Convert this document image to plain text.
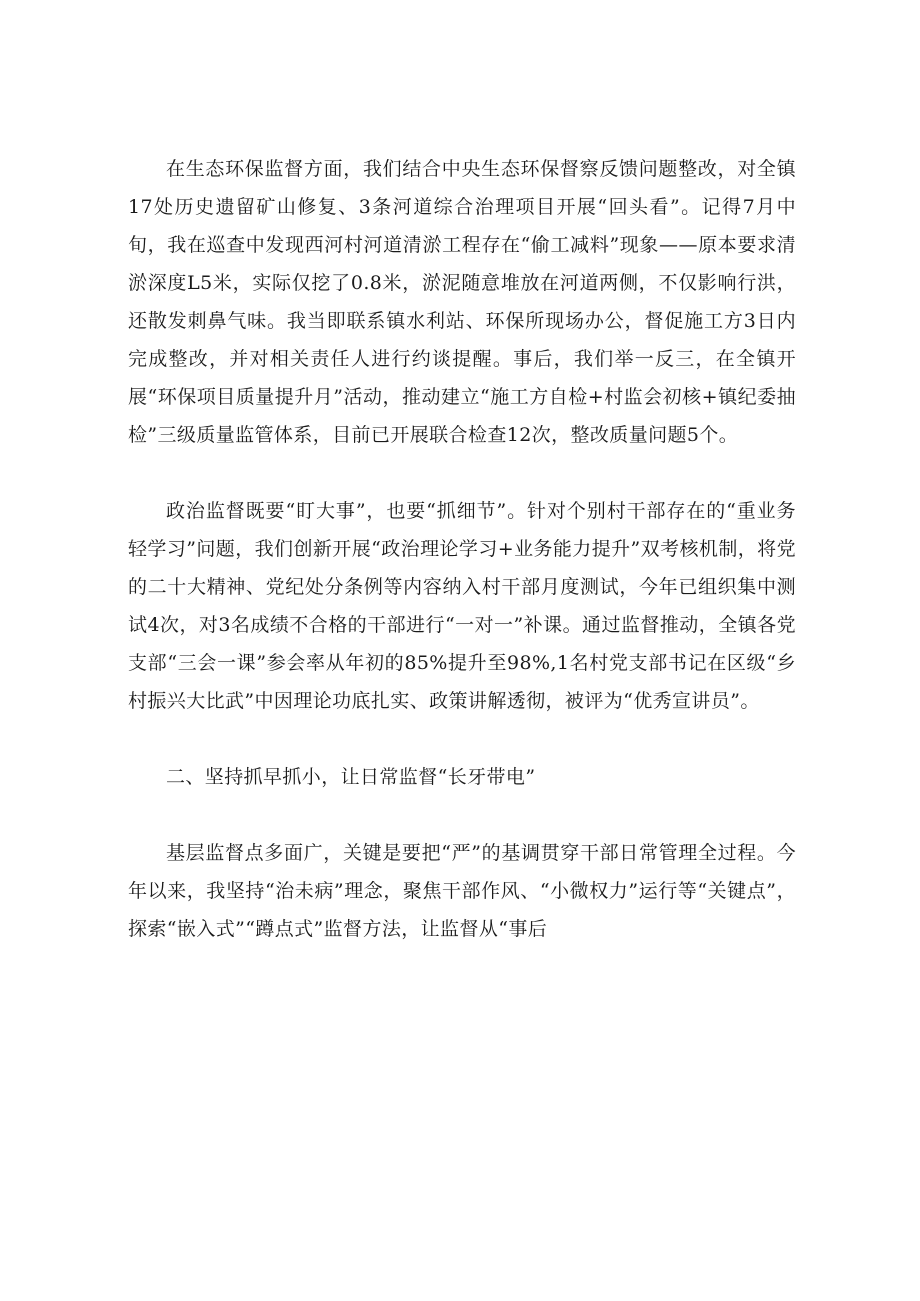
在生态环保监督方面，我们结合中央生态环保督察反馈问题整改，对全镇17处历史遗留矿山修复、3条河道综合治理项目开展“回头看”。记得7月中旬，我在巡查中发现西河村河道清淤工程存在“偷工减料”现象——原本要求清淤深度L5米，实际仅挖了0.8米，淤泥随意堆放在河道两侧，不仅影响行洪，还散发刺鼻气味。我当即联系镇水利站、环保所现场办公，督促施工方3日内完成整改，并对相关责任人进行约谈提醒。事后，我们举一反三，在全镇开展“环保项目质量提升月”活动，推动建立“施工方自检+村监会初核+镇纪委抽检”三级质量监管体系，目前已开展联合检查12次，整改质量问题5个。

政治监督既要“盯大事”，也要“抓细节”。针对个别村干部存在的“重业务轻学习”问题，我们创新开展“政治理论学习+业务能力提升”双考核机制，将党的二十大精神、党纪处分条例等内容纳入村干部月度测试，今年已组织集中测试4次，对3名成绩不合格的干部进行“一对一”补课。通过监督推动，全镇各党支部“三会一课”参会率从年初的85%提升至98%,1名村党支部书记在区级“乡村振兴大比武”中因理论功底扎实、政策讲解透彻，被评为“优秀宣讲员”。

二、坚持抓早抓小，让日常监督“长牙带电”

基层监督点多面广，关键是要把“严”的基调贯穿干部日常管理全过程。今年以来，我坚持“治未病”理念，聚焦干部作风、“小微权力”运行等“关键点”，探索“嵌入式”“蹲点式”监督方法，让监督从“事后
